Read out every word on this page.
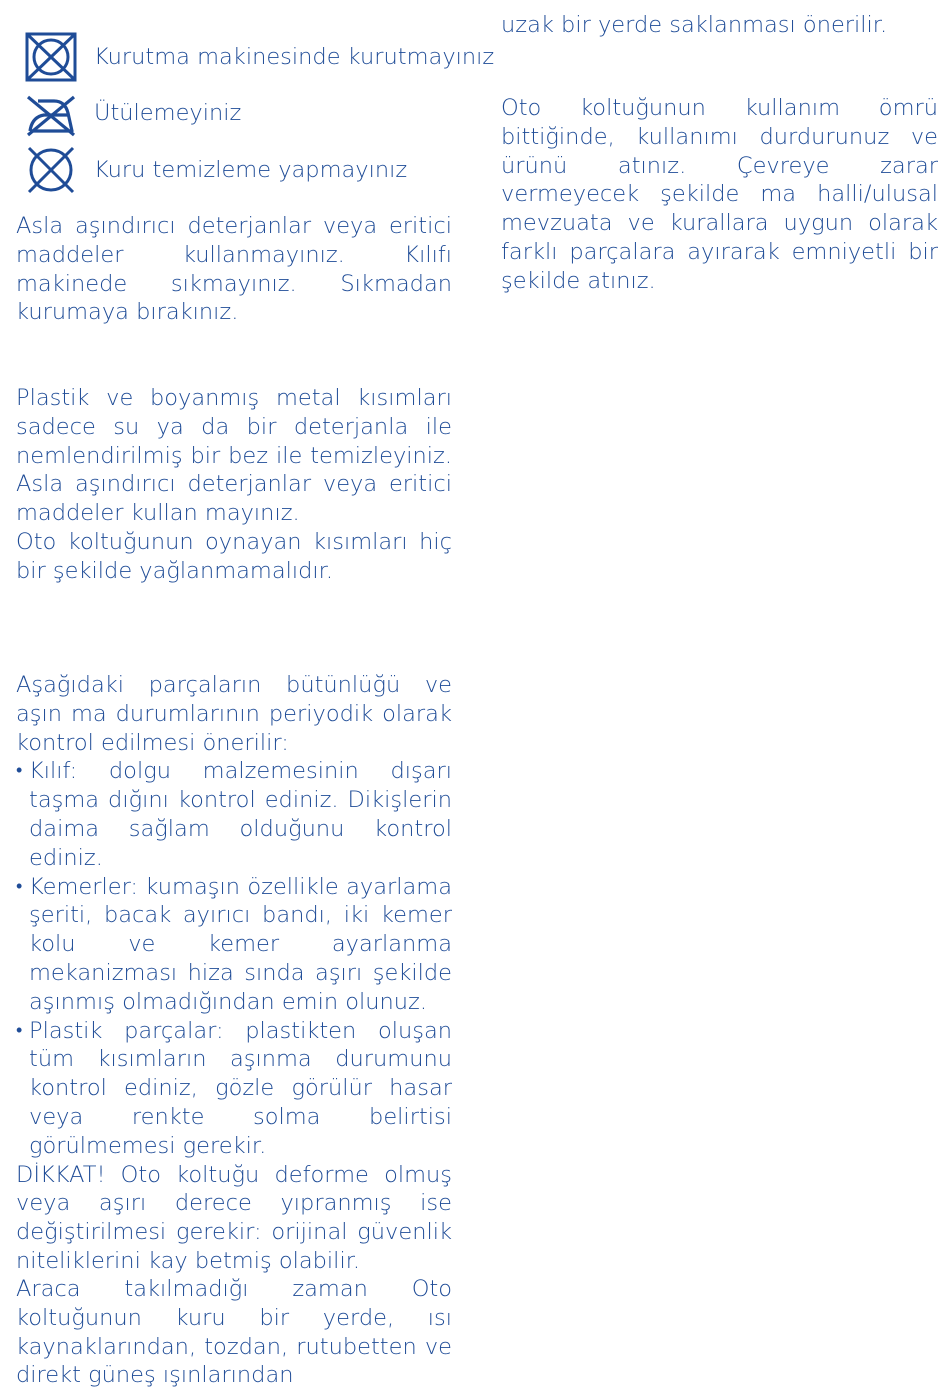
Kurutma makinesinde kurutmayınız
Ütülemeyiniz
Kuru temizleme yapmayınız

Asla aşındırıcı deterjanlar veya eritici maddeler kullanmayınız. Kılıfı makinede sıkmayınız. Sıkmadan kurumaya bırakınız.

Plastik ve boyanmış metal kısımları sadece su ya da bir deterjanla ile nemlendirilmiş bir bez ile temizleyiniz. Asla aşındırıcı deterjanlar veya eritici maddeler kullan mayınız.

Oto koltuğunun oynayan kısımları hiç bir şekilde yağlanmamalıdır.

Aşağıdaki parçaların bütünlüğü ve aşın ma durumlarının periyodik olarak kontrol edilmesi önerilir:

• Kılıf: dolgu malzemesinin dışarı taşma dığını kontrol ediniz. Dikişlerin daima sağlam olduğunu kontrol ediniz.
• Kemerler: kumaşın özellikle ayarlama şeriti, bacak ayırıcı bandı, iki kemer kolu ve kemer ayarlanma mekanizması hiza sında aşırı şekilde aşınmış olmadığından emin olunuz.
• Plastik parçalar: plastikten oluşan tüm kısımların aşınma durumunu kontrol ediniz, gözle görülür hasar veya renkte solma belirtisi görülmemesi gerekir.

DİKKAT! Oto koltuğu deforme olmuş veya aşırı derece yıpranmış ise değiştirilmesi gerekir: orijinal güvenlik niteliklerini kay betmiş olabilir.

Araca takılmadığı zaman Oto koltuğunun kuru bir yerde, ısı kaynaklarından, tozdan, rutubetten ve direkt güneş ışınlarından

uzak bir yerde saklanması önerilir.

Oto koltuğunun kullanım ömrü bittiğinde, kullanımı durdurunuz ve ürünü atınız. Çevreye zarar vermeyecek şekilde ma halli/ulusal mevzuata ve kurallara uygun olarak farklı parçalara ayırarak emniyetli bir şekilde atınız.
